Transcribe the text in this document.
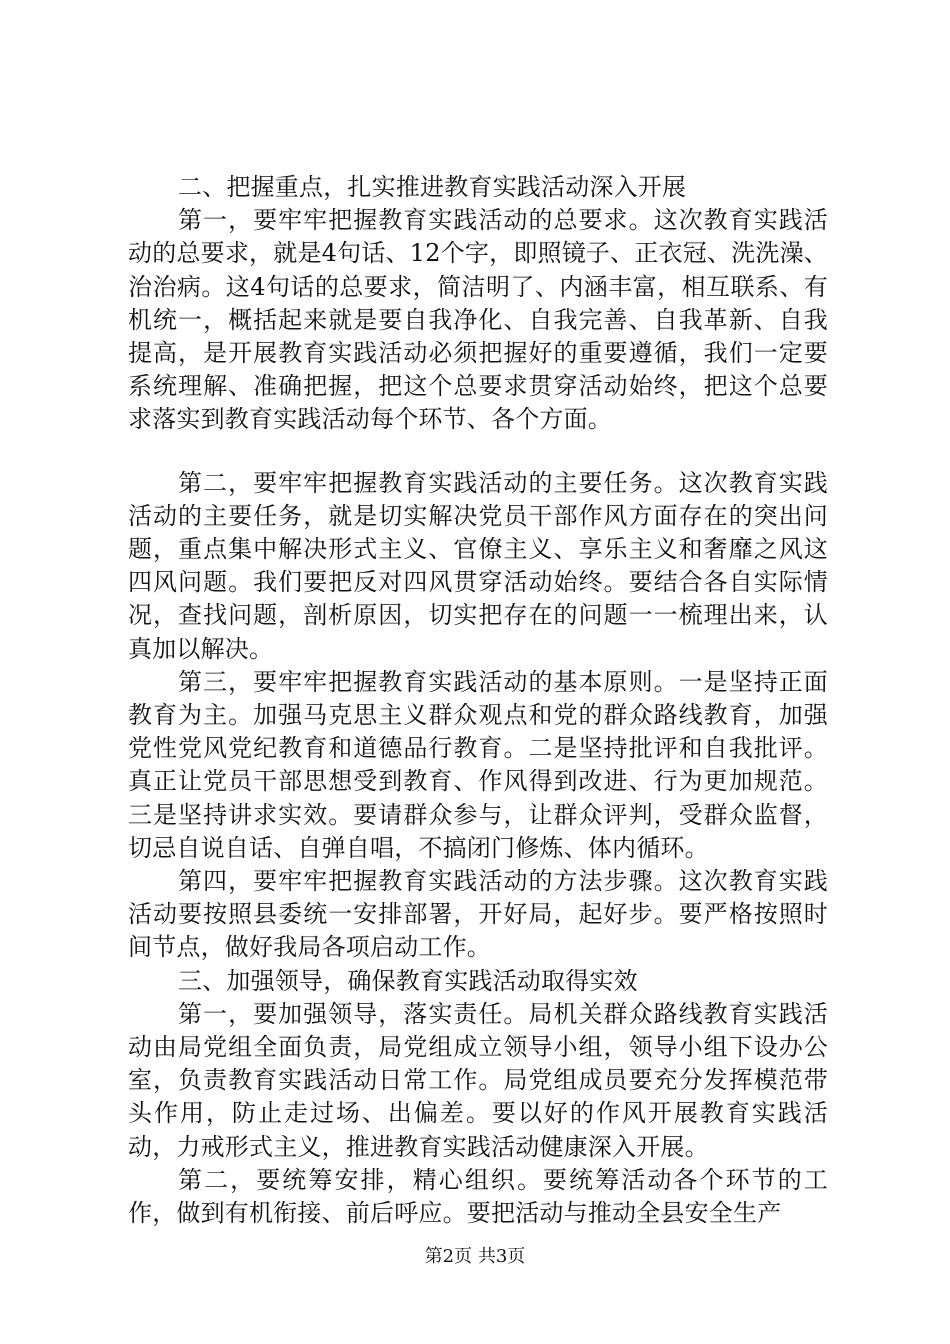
二、把握重点，扎实推进教育实践活动深入开展

第一，要牢牢把握教育实践活动的总要求。这次教育实践活动的总要求，就是4句话、12个字，即照镜子、正衣冠、洗洗澡、治治病。这4句话的总要求，简洁明了、内涵丰富，相互联系、有机统一，概括起来就是要自我净化、自我完善、自我革新、自我提高，是开展教育实践活动必须把握好的重要遵循，我们一定要系统理解、准确把握，把这个总要求贯穿活动始终，把这个总要求落实到教育实践活动每个环节、各个方面。

第二，要牢牢把握教育实践活动的主要任务。这次教育实践活动的主要任务，就是切实解决党员干部作风方面存在的突出问题，重点集中解决形式主义、官僚主义、享乐主义和奢靡之风这四风问题。我们要把反对四风贯穿活动始终。要结合各自实际情况，查找问题，剖析原因，切实把存在的问题一一梳理出来，认真加以解决。

第三，要牢牢把握教育实践活动的基本原则。一是坚持正面教育为主。加强马克思主义群众观点和党的群众路线教育，加强党性党风党纪教育和道德品行教育。二是坚持批评和自我批评。真正让党员干部思想受到教育、作风得到改进、行为更加规范。三是坚持讲求实效。要请群众参与，让群众评判，受群众监督，切忌自说自话、自弹自唱，不搞闭门修炼、体内循环。

第四，要牢牢把握教育实践活动的方法步骤。这次教育实践活动要按照县委统一安排部署，开好局，起好步。要严格按照时间节点，做好我局各项启动工作。

三、加强领导，确保教育实践活动取得实效

第一，要加强领导，落实责任。局机关群众路线教育实践活动由局党组全面负责，局党组成立领导小组，领导小组下设办公室，负责教育实践活动日常工作。局党组成员要充分发挥模范带头作用，防止走过场、出偏差。要以好的作风开展教育实践活动，力戒形式主义，推进教育实践活动健康深入开展。

第二，要统筹安排，精心组织。要统筹活动各个环节的工作，做到有机衔接、前后呼应。要把活动与推动全县安全生产

第2页 共3页
